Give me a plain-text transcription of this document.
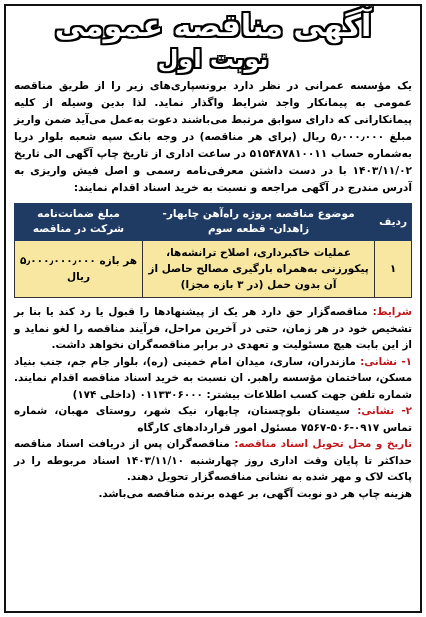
آگهی مناقصه عمومی
نوبت اول

یک مؤسسه عمرانی در نظر دارد برونسپاری‌های زیر را از طریق مناقصه عمومی به پیمانکار واجد شرایط واگذار نماید. لذا بدین وسیله از کلیه پیمانکارانی که دارای سوابق مرتبط می‌باشند دعوت به‌عمل می‌آید ضمن واریز مبلغ ۵٫۰۰۰٫۰۰۰ ریال (برای هر مناقصه) در وجه بانک سپه شعبه بلوار دریا به‌شماره حساب ۵۱۵۴۸۷۸۱۰۰۱۱ در ساعت اداری از تاریخ چاپ آگهی الی تاریخ ۱۴۰۳/۱۱/۰۲ با در دست داشتن معرفی‌نامه رسمی و اصل فیش واریزی به آدرس مندرج در آگهی مراجعه و نسبت به خرید اسناد اقدام نمایند:

ردیف	موضوع مناقصه پروژه راه‌آهن چابهار-زاهدان- قطعه سوم	مبلغ ضمانت‌نامه شرکت در مناقصه
۱	عملیات خاکبرداری، اصلاح ترانشه‌ها، پیکورزنی به‌همراه بارگیری مصالح حاصل از آن بدون حمل (در ۳ بازه مجزا)	هر بازه ۵٫۰۰۰٫۰۰۰٫۰۰۰ ریال

شرایط: مناقصه‌گزار حق دارد هر یک از پیشنهادها را قبول یا رد کند یا بنا بر تشخیص خود در هر زمان، حتی در آخرین مراحل، فرآیند مناقصه را لغو نماید و از این بابت هیچ مسئولیت و تعهدی در برابر مناقصه‌گران نخواهد داشت.

۱- نشانی: مازندران، ساری، میدان امام خمینی (ره)، بلوار جام جم، جنب بنیاد مسکن، ساختمان مؤسسه راهبر. ان نسبت به خرید اسناد مناقصه اقدام نمایند. شماره تلفن جهت کسب اطلاعات بیشتر: ۰۱۱۳۳۰۶۰۰۰ (داخلی ۱۷۴)

۲- نشانی: سیستان بلوچستان، چابهار، نیک شهر، روستای مهبان، شماره تماس ۰۹۱۷-۵۰۶-۷۵۶۷ مسئول امور قراردادهای کارگاه

تاریخ و محل تحویل اسناد مناقصه: مناقصه‌گران پس از دریافت اسناد مناقصه حداکثر تا پایان وقت اداری روز چهارشنبه ۱۴۰۳/۱۱/۱۰ اسناد مربوطه را در پاکت لاک و مهر شده به نشانی مناقصه‌گزار تحویل دهند.

هزینه چاپ هر دو نوبت آگهی، بر عهده برنده مناقصه می‌باشد.
